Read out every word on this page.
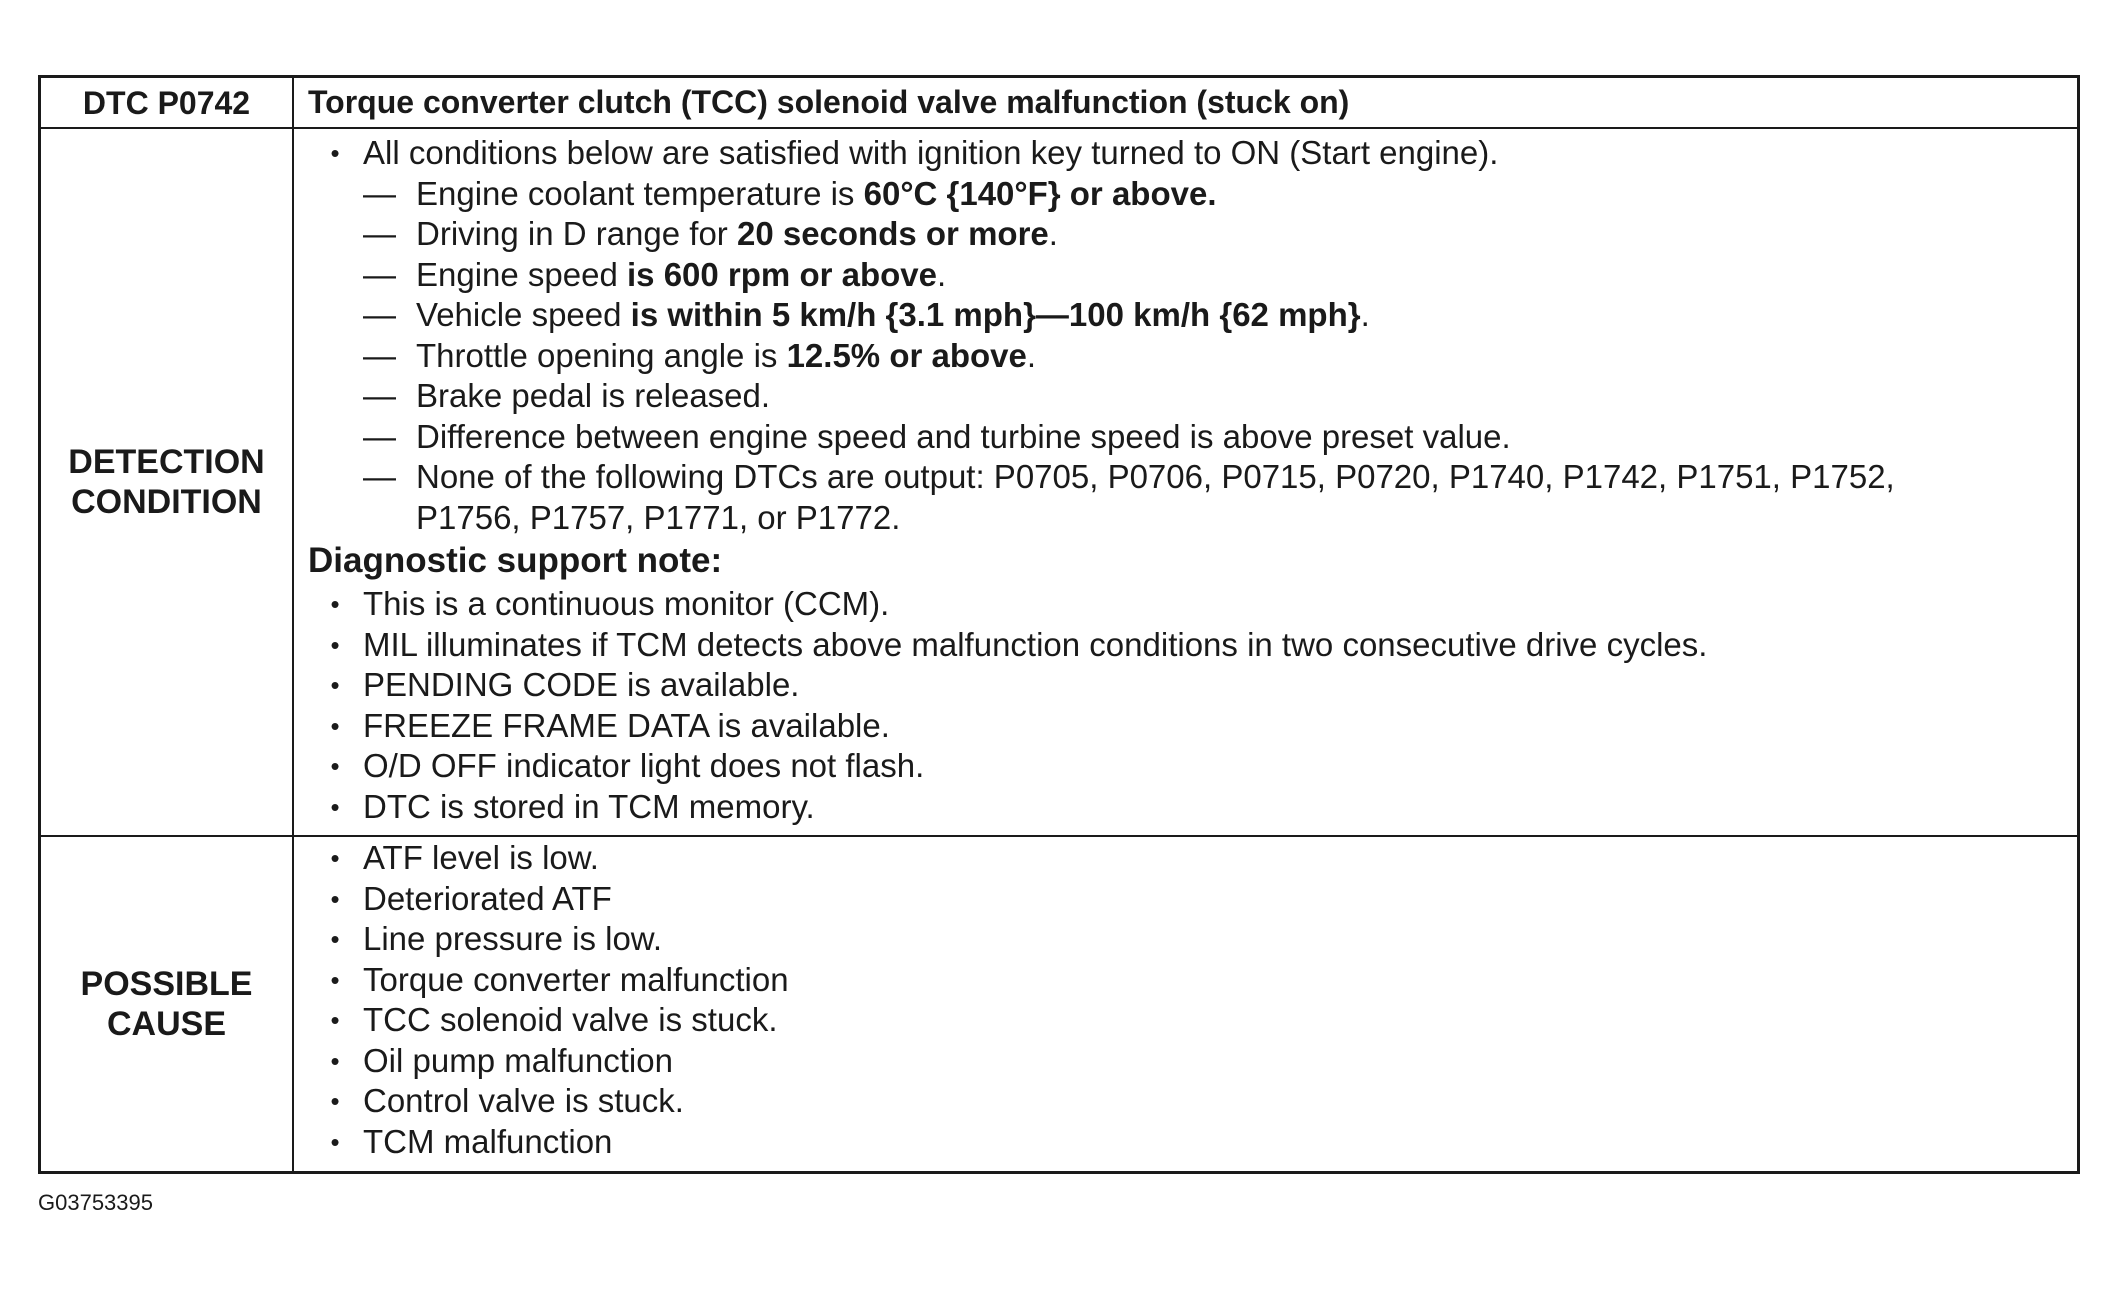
DTC P0742	Torque converter clutch (TCC) solenoid valve malfunction (stuck on)
DETECTION
CONDITION
• All conditions below are satisfied with ignition key turned to ON (Start engine).
— Engine coolant temperature is 60°C {140°F} or above.
— Driving in D range for 20 seconds or more.
— Engine speed is 600 rpm or above.
— Vehicle speed is within 5 km/h {3.1 mph}—100 km/h {62 mph}.
— Throttle opening angle is 12.5% or above.
— Brake pedal is released.
— Difference between engine speed and turbine speed is above preset value.
— None of the following DTCs are output: P0705, P0706, P0715, P0720, P1740, P1742, P1751, P1752,
P1756, P1757, P1771, or P1772.
Diagnostic support note:
• This is a continuous monitor (CCM).
• MIL illuminates if TCM detects above malfunction conditions in two consecutive drive cycles.
• PENDING CODE is available.
• FREEZE FRAME DATA is available.
• O/D OFF indicator light does not flash.
• DTC is stored in TCM memory.
POSSIBLE
CAUSE
• ATF level is low.
• Deteriorated ATF
• Line pressure is low.
• Torque converter malfunction
• TCC solenoid valve is stuck.
• Oil pump malfunction
• Control valve is stuck.
• TCM malfunction
G03753395
